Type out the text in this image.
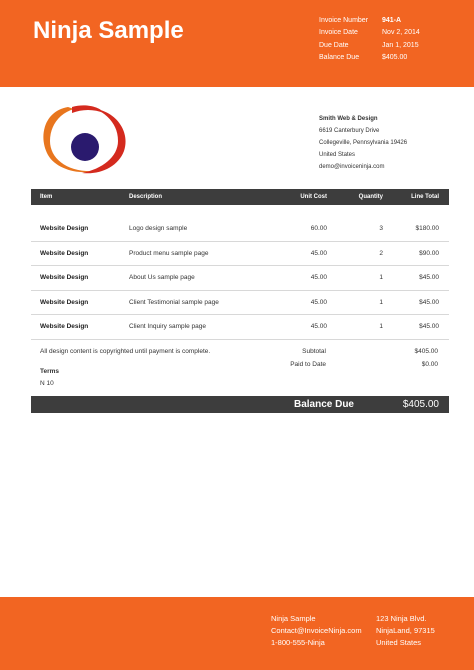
Ninja Sample	Invoice Number	941-A
Invoice Date	Nov 2, 2014
Due Date	Jan 1, 2015
Balance Due	$405.00
Smith Web & Design
6619 Canterbury Drive
Collegeville, Pennsylvania 19426
United States
demo@invoiceninja.com
Item	Description	Unit Cost	Quantity	Line Total
Website Design	Logo design sample	60.00	3	$180.00
Website Design	Product menu sample page	45.00	2	$90.00
Website Design	About Us sample page	45.00	1	$45.00
Website Design	Client Testimonial sample page	45.00	1	$45.00
Website Design	Client Inquiry sample page	45.00	1	$45.00
All design content is copyrighted until payment is complete.
Terms
N 10
Subtotal	$405.00
Paid to Date	$0.00
Balance Due	$405.00
Ninja Sample
Contact@InvoiceNinja.com
1-800-555-Ninja
123 Ninja Blvd.
NinjaLand, 97315
United States
